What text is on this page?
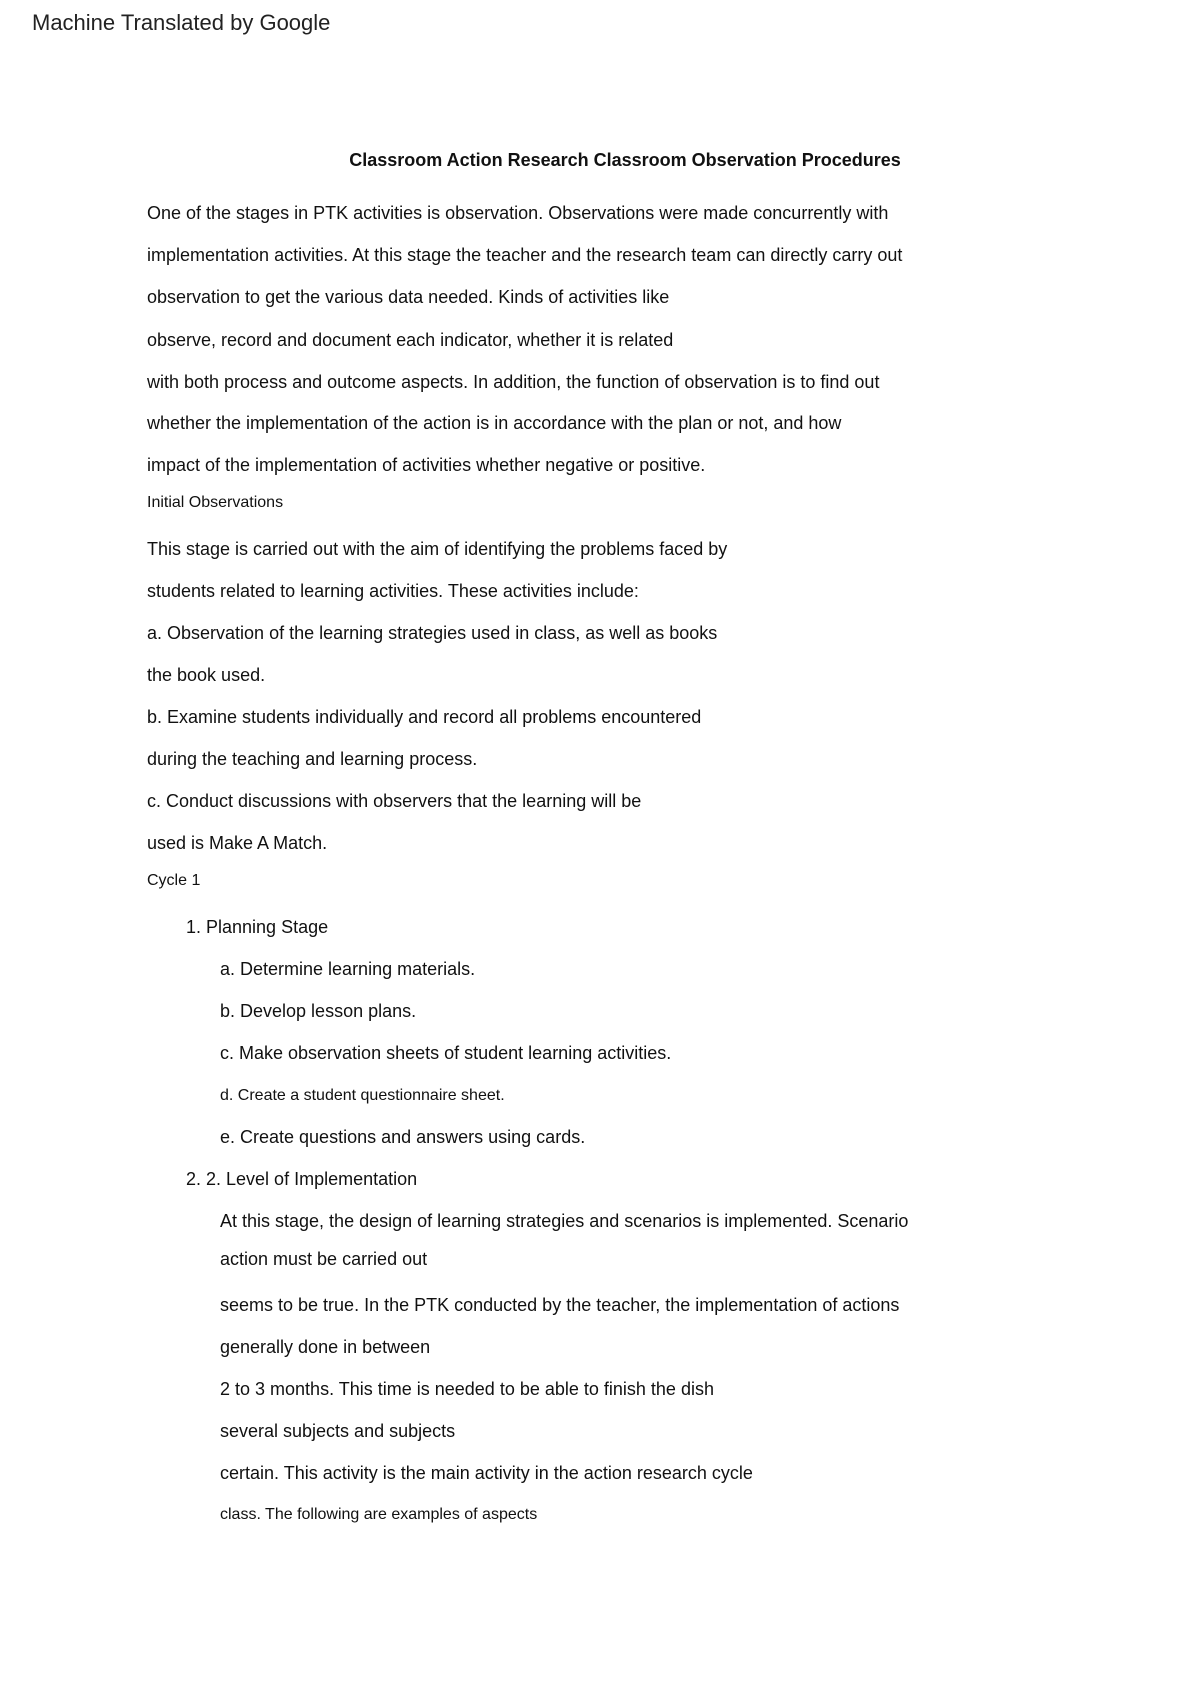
Machine Translated by Google
Classroom Action Research Classroom Observation Procedures
One of the stages in PTK activities is observation. Observations were made concurrently with
implementation activities. At this stage the teacher and the research team can directly carry out
observation to get the various data needed. Kinds of activities like
observe, record and document each indicator, whether it is related
with both process and outcome aspects. In addition, the function of observation is to find out
whether the implementation of the action is in accordance with the plan or not, and how
impact of the implementation of activities whether negative or positive.
Initial Observations
This stage is carried out with the aim of identifying the problems faced by
students related to learning activities. These activities include:
a. Observation of the learning strategies used in class, as well as books
the book used.
b. Examine students individually and record all problems encountered
during the teaching and learning process.
c. Conduct discussions with observers that the learning will be
used is Make A Match.
Cycle 1
1. Planning Stage
a. Determine learning materials.
b. Develop lesson plans.
c. Make observation sheets of student learning activities.
d. Create a student questionnaire sheet.
e. Create questions and answers using cards.
2. 2. Level of Implementation
At this stage, the design of learning strategies and scenarios is implemented. Scenario
action must be carried out
seems to be true. In the PTK conducted by the teacher, the implementation of actions
generally done in between
2 to 3 months. This time is needed to be able to finish the dish
several subjects and subjects
certain. This activity is the main activity in the action research cycle
class. The following are examples of aspects
